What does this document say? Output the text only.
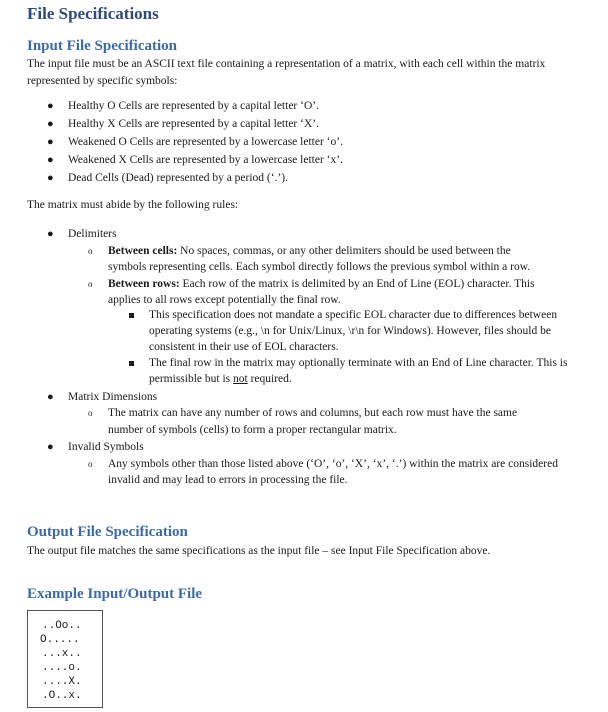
File Specifications
Input File Specification
The input file must be an ASCII text file containing a representation of a matrix, with each cell within the matrix
represented by specific symbols:
● Healthy O Cells are represented by a capital letter ‘O’.
● Healthy X Cells are represented by a capital letter ‘X’.
● Weakened O Cells are represented by a lowercase letter ‘o’.
● Weakened X Cells are represented by a lowercase letter ‘x’.
● Dead Cells (Dead) represented by a period (‘.’).
The matrix must abide by the following rules:
● Delimiters
o Between cells: No spaces, commas, or any other delimiters should be used between the
symbols representing cells. Each symbol directly follows the previous symbol within a row.
o Between rows: Each row of the matrix is delimited by an End of Line (EOL) character. This
applies to all rows except potentially the final row.
This specification does not mandate a specific EOL character due to differences between
operating systems (e.g., \n for Unix/Linux, \r\n for Windows). However, files should be
consistent in their use of EOL characters.
The final row in the matrix may optionally terminate with an End of Line character. This is
permissible but is not required.
● Matrix Dimensions
o The matrix can have any number of rows and columns, but each row must have the same
number of symbols (cells) to form a proper rectangular matrix.
● Invalid Symbols
o Any symbols other than those listed above (‘O’, ‘o’, ‘X’, ‘x’, ‘.’) within the matrix are considered
invalid and may lead to errors in processing the file.
Output File Specification
The output file matches the same specifications as the input file – see Input File Specification above.
Example Input/Output File
..Oo..
O.....
...x..
....o.
....X.
.O..x.
